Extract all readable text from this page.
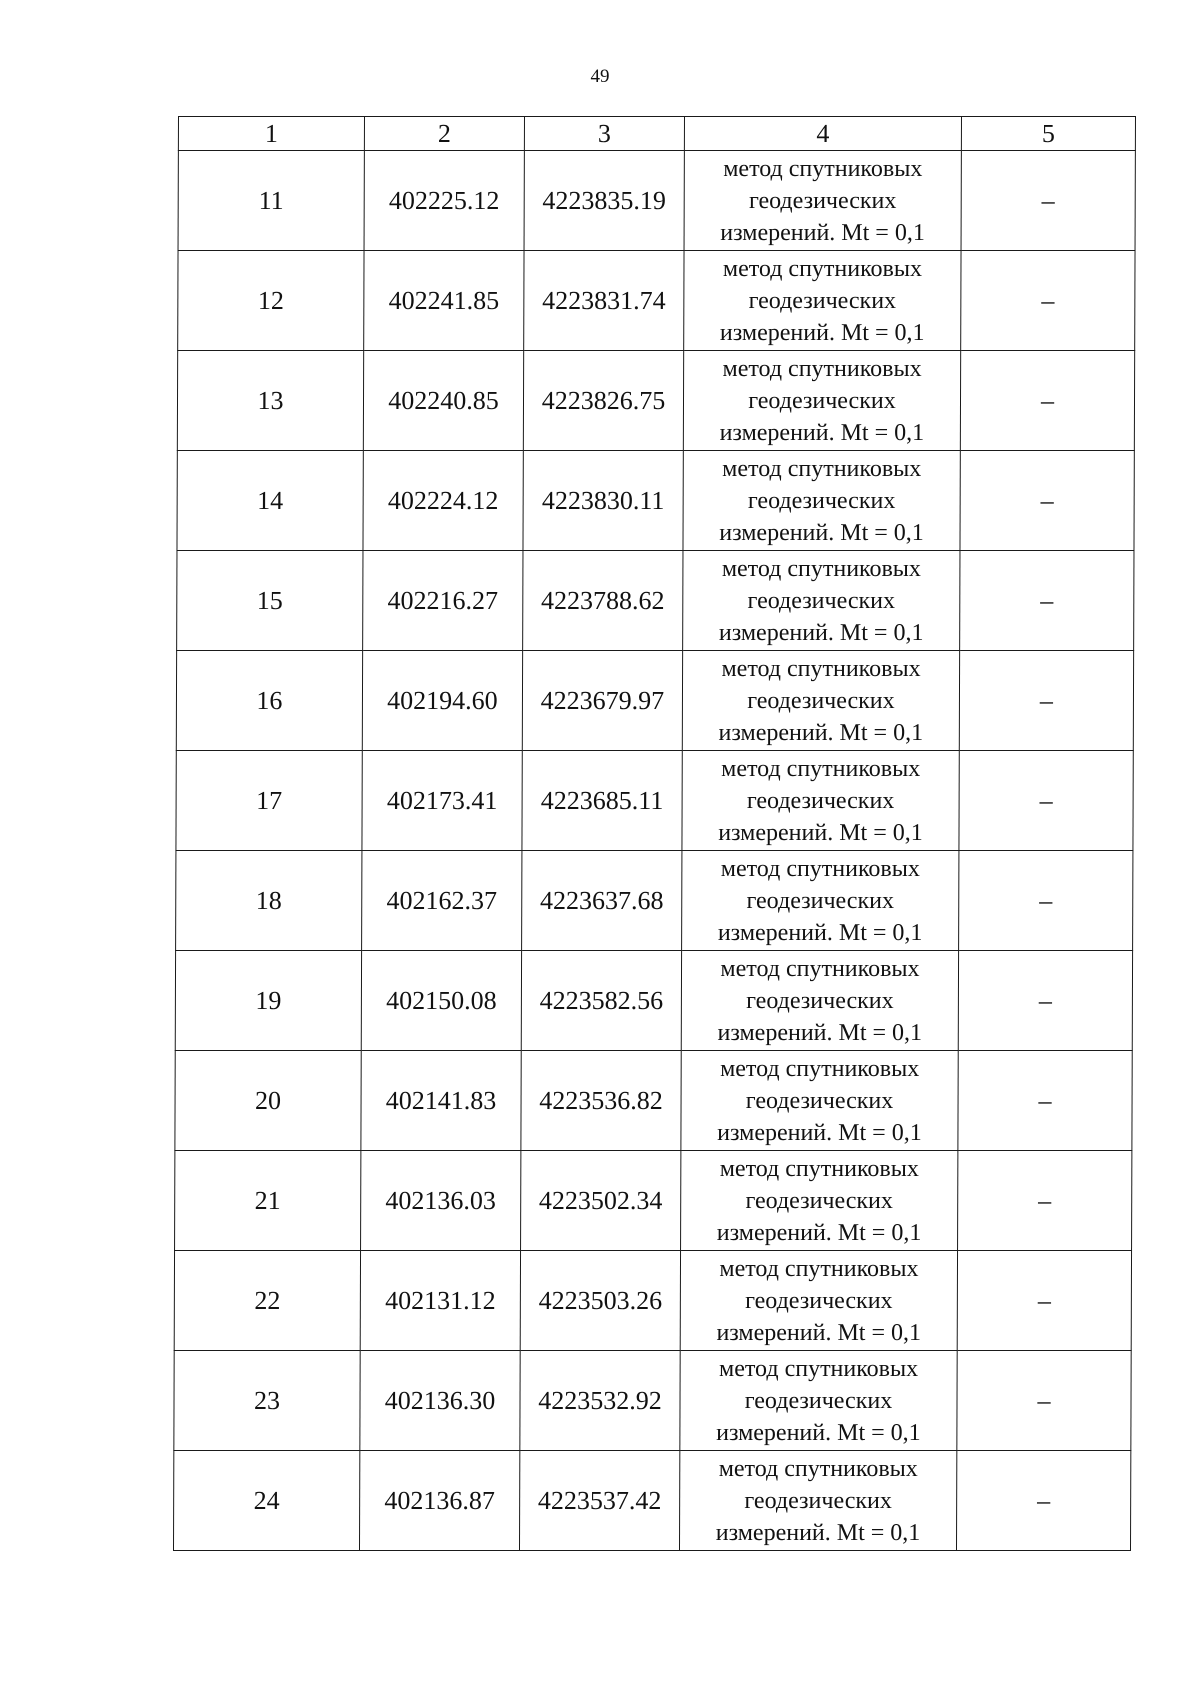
49
1	2	3	4	5
11	402225.12	4223835.19	метод спутниковых
геодезических
измерений. Mt = 0,1	–
12	402241.85	4223831.74	метод спутниковых
геодезических
измерений. Mt = 0,1	–
13	402240.85	4223826.75	метод спутниковых
геодезических
измерений. Mt = 0,1	–
14	402224.12	4223830.11	метод спутниковых
геодезических
измерений. Mt = 0,1	–
15	402216.27	4223788.62	метод спутниковых
геодезических
измерений. Mt = 0,1	–
16	402194.60	4223679.97	метод спутниковых
геодезических
измерений. Mt = 0,1	–
17	402173.41	4223685.11	метод спутниковых
геодезических
измерений. Mt = 0,1	–
18	402162.37	4223637.68	метод спутниковых
геодезических
измерений. Mt = 0,1	–
19	402150.08	4223582.56	метод спутниковых
геодезических
измерений. Mt = 0,1	–
20	402141.83	4223536.82	метод спутниковых
геодезических
измерений. Mt = 0,1	–
21	402136.03	4223502.34	метод спутниковых
геодезических
измерений. Mt = 0,1	–
22	402131.12	4223503.26	метод спутниковых
геодезических
измерений. Mt = 0,1	–
23	402136.30	4223532.92	метод спутниковых
геодезических
измерений. Mt = 0,1	–
24	402136.87	4223537.42	метод спутниковых
геодезических
измерений. Mt = 0,1	–
